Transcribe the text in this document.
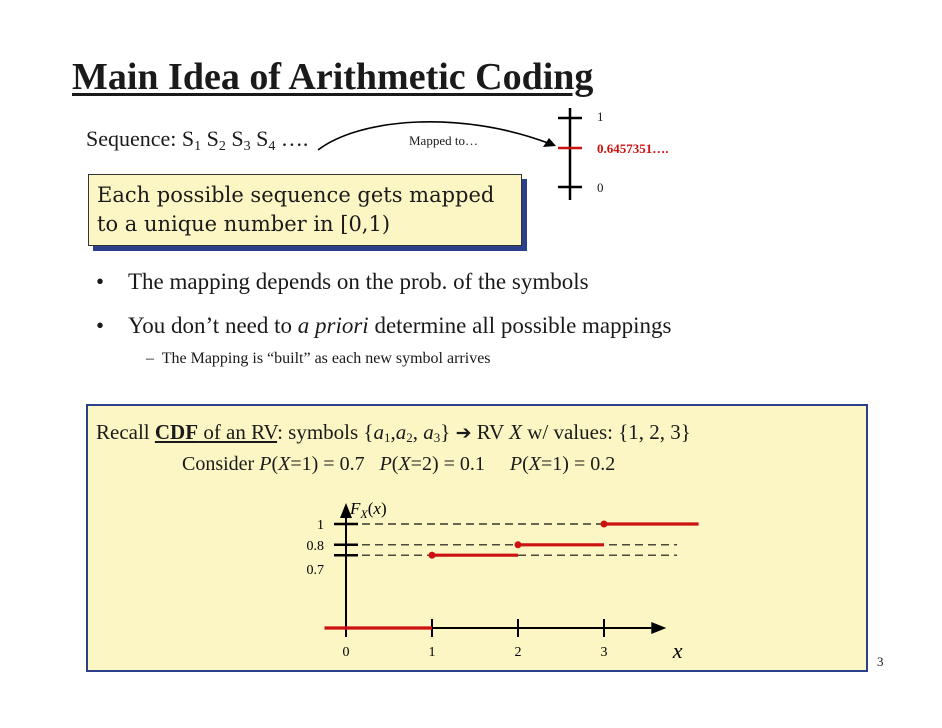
Main Idea of Arithmetic Coding
Sequence: $S_1$ $S_2$ $S_3$ $S_4$ ….	Mapped to…
1
0.6457351….
0
Each possible sequence gets mapped
to a unique number in [0,1)
• The mapping depends on the prob. of the symbols
• You don’t need to a priori determine all possible mappings
–  The Mapping is “built” as each new symbol arrives
Recall CDF of an RV: symbols {$a_1,a_2$, $a_3$} ➔ RV X w/ values: {1, 2, 3}
Consider P(X=1) = 0.7 P(X=2) = 0.1 P(X=1) = 0.2
1
0.8
0.7
0	1	2	3	x
$F_X(x)$
3
